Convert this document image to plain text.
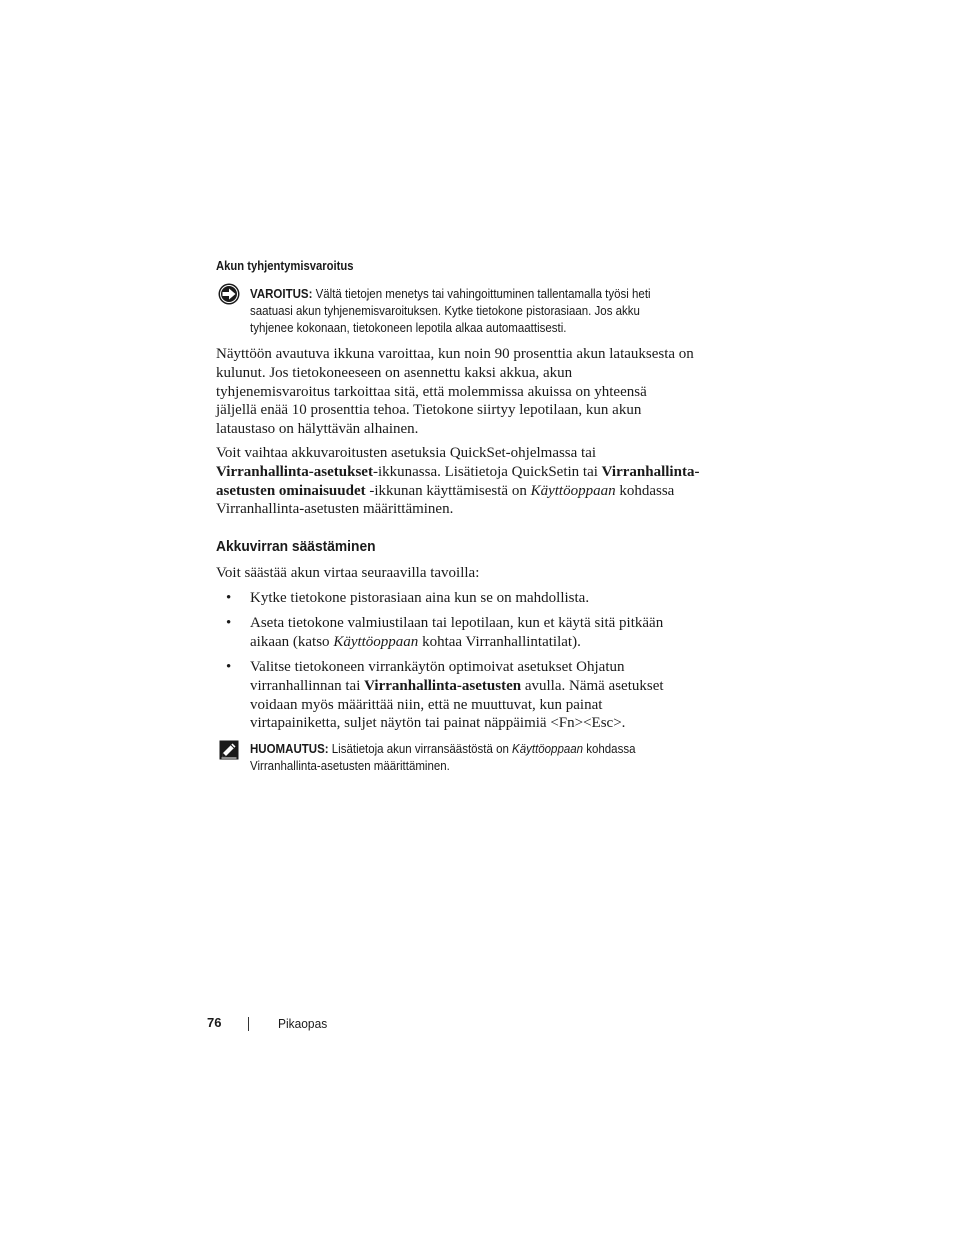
Akun tyhjentymisvaroitus
VAROITUS: Vältä tietojen menetys tai vahingoittuminen tallentamalla työsi heti
saatuasi akun tyhjenemisvaroituksen. Kytke tietokone pistorasiaan. Jos akku
tyhjenee kokonaan, tietokoneen lepotila alkaa automaattisesti.
Näyttöön avautuva ikkuna varoittaa, kun noin 90 prosenttia akun latauksesta on
kulunut. Jos tietokoneeseen on asennettu kaksi akkua, akun
tyhjenemisvaroitus tarkoittaa sitä, että molemmissa akuissa on yhteensä
jäljellä enää 10 prosenttia tehoa. Tietokone siirtyy lepotilaan, kun akun
lataustaso on hälyttävän alhainen.
Voit vaihtaa akkuvaroitusten asetuksia QuickSet-ohjelmassa tai
Virranhallinta-asetukset-ikkunassa. Lisätietoja QuickSetin tai Virranhallinta-
asetusten ominaisuudet -ikkunan käyttämisestä on Käyttöoppaan kohdassa
Virranhallinta-asetusten määrittäminen.
Akkuvirran säästäminen
Voit säästää akun virtaa seuraavilla tavoilla:
• Kytke tietokone pistorasiaan aina kun se on mahdollista.
• Aseta tietokone valmiustilaan tai lepotilaan, kun et käytä sitä pitkään
aikaan (katso Käyttöoppaan kohtaa Virranhallintatilat).
• Valitse tietokoneen virrankäytön optimoivat asetukset Ohjatun
virranhallinnan tai Virranhallinta-asetusten avulla. Nämä asetukset
voidaan myös määrittää niin, että ne muuttuvat, kun painat
virtapainiketta, suljet näytön tai painat näppäimiä <Fn><Esc>.
HUOMAUTUS: Lisätietoja akun virransäästöstä on Käyttöoppaan kohdassa
Virranhallinta-asetusten määrittäminen.
76	Pikaopas
